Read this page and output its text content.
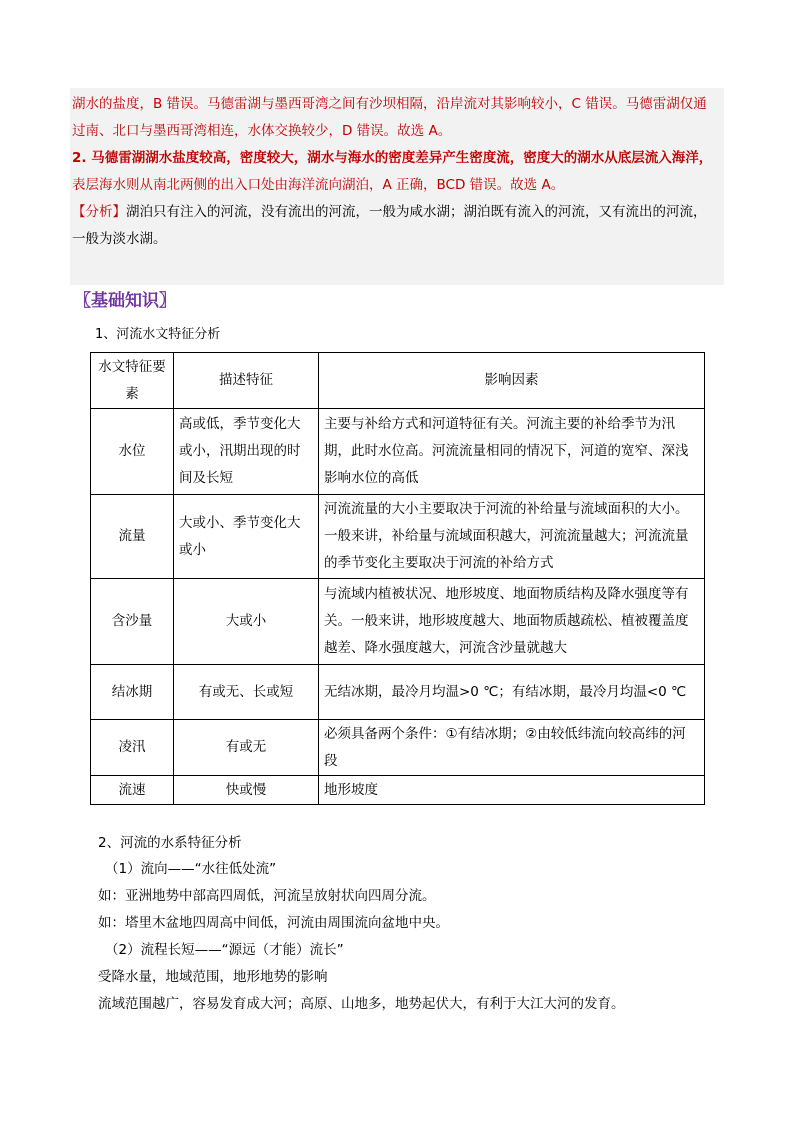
湖水的盐度，B 错误。马德雷湖与墨西哥湾之间有沙坝相隔，沿岸流对其影响较小，C 错误。马德雷湖仅通
过南、北口与墨西哥湾相连，水体交换较少，D 错误。故选 A。
2. 马德雷湖湖水盐度较高，密度较大，湖水与海水的密度差异产生密度流，密度大的湖水从底层流入海洋，
表层海水则从南北两侧的出入口处由海洋流向湖泊，A 正确，BCD 错误。故选 A。
【分析】湖泊只有注入的河流，没有流出的河流，一般为咸水湖；湖泊既有流入的河流，又有流出的河流，
一般为淡水湖。
〖基础知识〗
1、河流水文特征分析
水文特征要素	描述特征	影响因素
水位	高或低，季节变化大或小，汛期出现的时间及长短	主要与补给方式和河道特征有关。河流主要的补给季节为汛期，此时水位高。河流流量相同的情况下，河道的宽窄、深浅影响水位的高低
流量	大或小、季节变化大或小	河流流量的大小主要取决于河流的补给量与流域面积的大小。一般来讲，补给量与流域面积越大，河流流量越大；河流流量的季节变化主要取决于河流的补给方式
含沙量	大或小	与流域内植被状况、地形坡度、地面物质结构及降水强度等有关。一般来讲，地形坡度越大、地面物质越疏松、植被覆盖度越差、降水强度越大，河流含沙量就越大
结冰期	有或无、长或短	无结冰期，最冷月均温>0 ℃；有结冰期，最冷月均温<0 ℃
凌汛	有或无	必须具备两个条件：①有结冰期；②由较低纬流向较高纬的河段
流速	快或慢	地形坡度
2、河流的水系特征分析
（1）流向——“水往低处流”
如：亚洲地势中部高四周低，河流呈放射状向四周分流。
如：塔里木盆地四周高中间低，河流由周围流向盆地中央。
（2）流程长短——“源远（才能）流长”
受降水量，地域范围，地形地势的影响
流域范围越广，容易发育成大河；高原、山地多，地势起伏大，有利于大江大河的发育。
